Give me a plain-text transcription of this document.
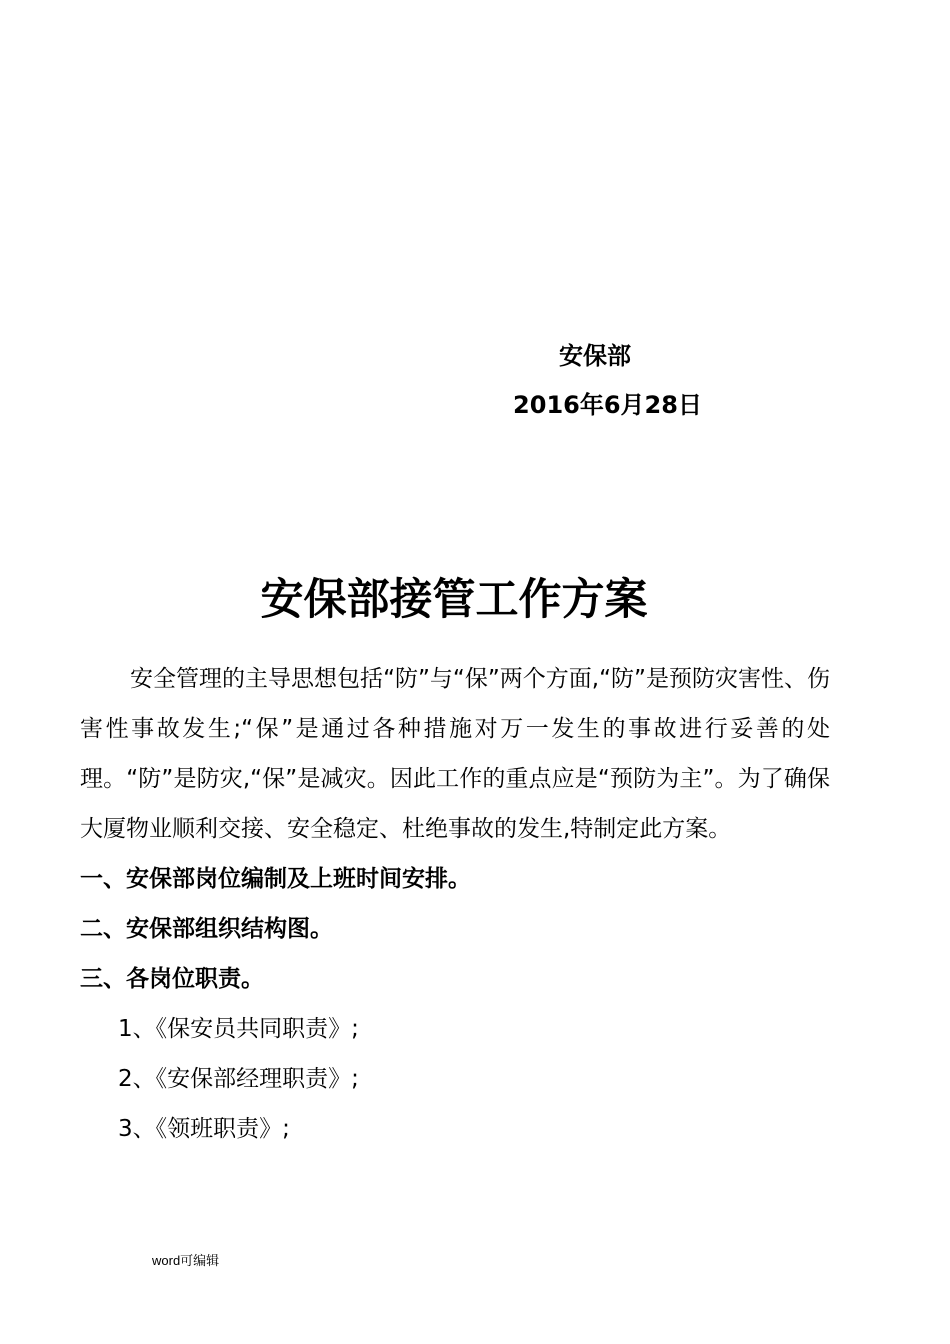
安保部
2016年6月28日
安保部接管工作方案

安全管理的主导思想包括“防”与“保”两个方面,“防”是预防灾害性、伤害性事故发生;“保”是通过各种措施对万一发生的事故进行妥善的处理。“防”是防灾,“保”是减灾。因此工作的重点应是“预防为主”。为了确保大厦物业顺利交接、安全稳定、杜绝事故的发生,特制定此方案。

一、安保部岗位编制及上班时间安排。

二、安保部组织结构图。

三、各岗位职责。

1、《保安员共同职责》;

2、《安保部经理职责》;

3、《领班职责》;

word可编辑
